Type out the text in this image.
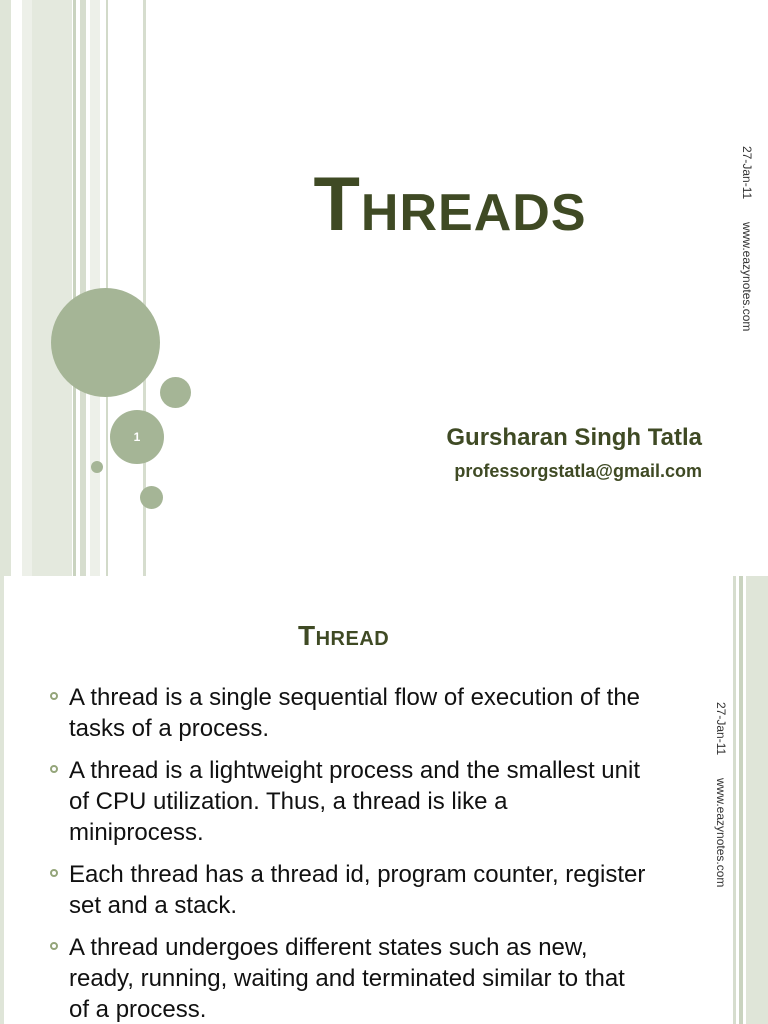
1
THREADS
Gursharan Singh Tatla
professorgstatla@gmail.com
27-Jan-11
www.eazynotes.com
THREAD
A thread is a single sequential flow of execution of the tasks of a process.
A thread is a lightweight process and the smallest unit of CPU utilization. Thus, a thread is like a miniprocess.
Each thread has a thread id, program counter, register set and a stack.
A thread undergoes different states such as new, ready, running, waiting and terminated similar to that of a process.
27-Jan-11
www.eazynotes.com
